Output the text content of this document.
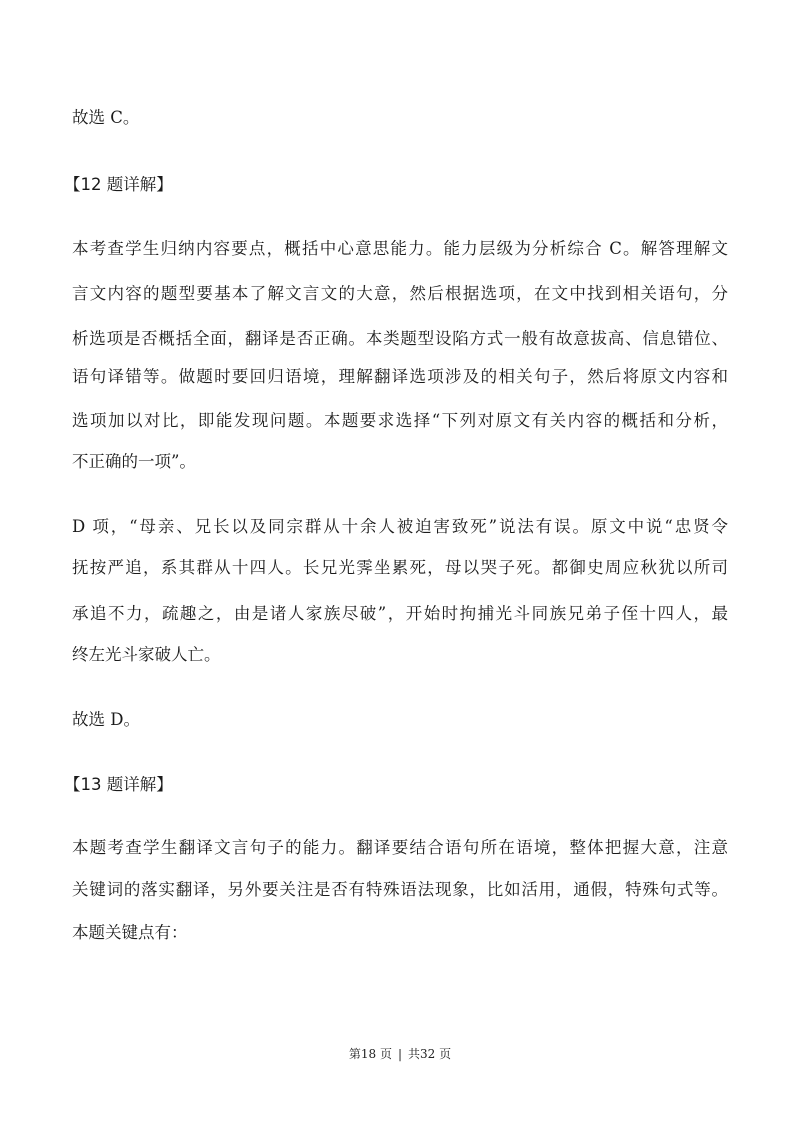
故选 C。
【12 题详解】
本考查学生归纳内容要点，概括中心意思能力。能力层级为分析综合 C。解答理解文
言文内容的题型要基本了解文言文的大意，然后根据选项，在文中找到相关语句，分
析选项是否概括全面，翻译是否正确。本类题型设陷方式一般有故意拔高、信息错位、
语句译错等。做题时要回归语境，理解翻译选项涉及的相关句子，然后将原文内容和
选项加以对比，即能发现问题。本题要求选择“下列对原文有关内容的概括和分析，
不正确的一项”。
D 项，“母亲、兄长以及同宗群从十余人被迫害致死”说法有误。原文中说“忠贤令
抚按严追，系其群从十四人。长兄光霁坐累死，母以哭子死。都御史周应秋犹以所司
承追不力，疏趣之，由是诸人家族尽破”，开始时拘捕光斗同族兄弟子侄十四人，最
终左光斗家破人亡。
故选 D。
【13 题详解】
本题考查学生翻译文言句子的能力。翻译要结合语句所在语境，整体把握大意，注意
关键词的落实翻译，另外要关注是否有特殊语法现象，比如活用，通假，特殊句式等。
本题关键点有：
第18 页 | 共32 页
